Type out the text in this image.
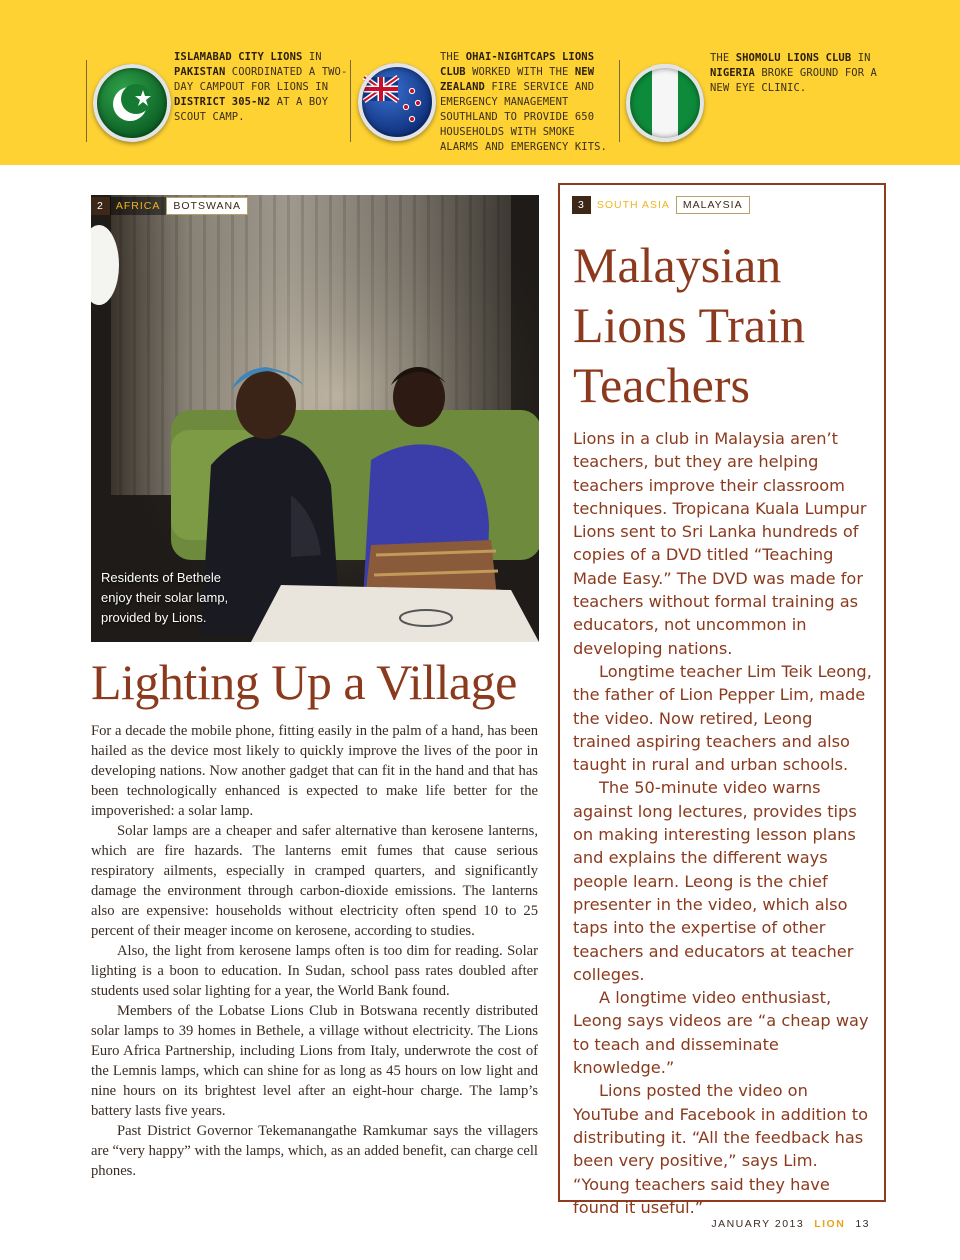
ISLAMABAD CITY LIONS IN PAKISTAN COORDINATED A TWO-DAY CAMPOUT FOR LIONS IN DISTRICT 305-N2 AT A BOY SCOUT CAMP.
THE OHAI-NIGHTCAPS LIONS CLUB WORKED WITH THE NEW ZEALAND FIRE SERVICE AND EMERGENCY MANAGEMENT SOUTHLAND TO PROVIDE 650 HOUSEHOLDS WITH SMOKE ALARMS AND EMERGENCY KITS.
THE SHOMOLU LIONS CLUB IN NIGERIA BROKE GROUND FOR A NEW EYE CLINIC.
2	AFRICA	BOTSWANA
Residents of Bethele enjoy their solar lamp, provided by Lions.
Lighting Up a Village

For a decade the mobile phone, fitting easily in the palm of a hand, has been hailed as the device most likely to quickly improve the lives of the poor in developing nations. Now another gadget that can fit in the hand and that has been technologically enhanced is expected to make life better for the impoverished: a solar lamp.

Solar lamps are a cheaper and safer alternative than kerosene lanterns, which are fire hazards. The lanterns emit fumes that cause serious respiratory ailments, especially in cramped quarters, and significantly damage the environment through carbon-dioxide emissions. The lanterns also are expensive: households without electricity often spend 10 to 25 percent of their meager income on kerosene, according to studies.

Also, the light from kerosene lamps often is too dim for reading. Solar lighting is a boon to education. In Sudan, school pass rates doubled after students used solar lighting for a year, the World Bank found.

Members of the Lobatse Lions Club in Botswana recently distributed solar lamps to 39 homes in Bethele, a village without electricity. The Lions Euro Africa Partnership, including Lions from Italy, underwrote the cost of the Lemnis lamps, which can shine for as long as 45 hours on low light and nine hours on its brightest level after an eight-hour charge. The lamp’s battery lasts five years.

Past District Governor Tekemanangathe Ramkumar says the villagers are “very happy” with the lamps, which, as an added benefit, can charge cell phones.

3	SOUTH ASIA	MALAYSIA
Malaysian Lions Train Teachers

Lions in a club in Malaysia aren’t teachers, but they are helping teachers improve their classroom techniques. Tropicana Kuala Lumpur Lions sent to Sri Lanka hundreds of copies of a DVD titled “Teaching Made Easy.” The DVD was made for teachers without formal training as educators, not uncommon in developing nations.

Longtime teacher Lim Teik Leong, the father of Lion Pepper Lim, made the video. Now retired, Leong trained aspiring teachers and also taught in rural and urban schools.

The 50-minute video warns against long lectures, provides tips on making interesting lesson plans and explains the different ways people learn. Leong is the chief presenter in the video, which also taps into the expertise of other teachers and educators at teacher colleges.

A longtime video enthusiast, Leong says videos are “a cheap way to teach and disseminate knowledge.”

Lions posted the video on YouTube and Facebook in addition to distributing it. “All the feedback has been very positive,” says Lim. “Young teachers said they have found it useful.”

JANUARY 2013 LION 13
